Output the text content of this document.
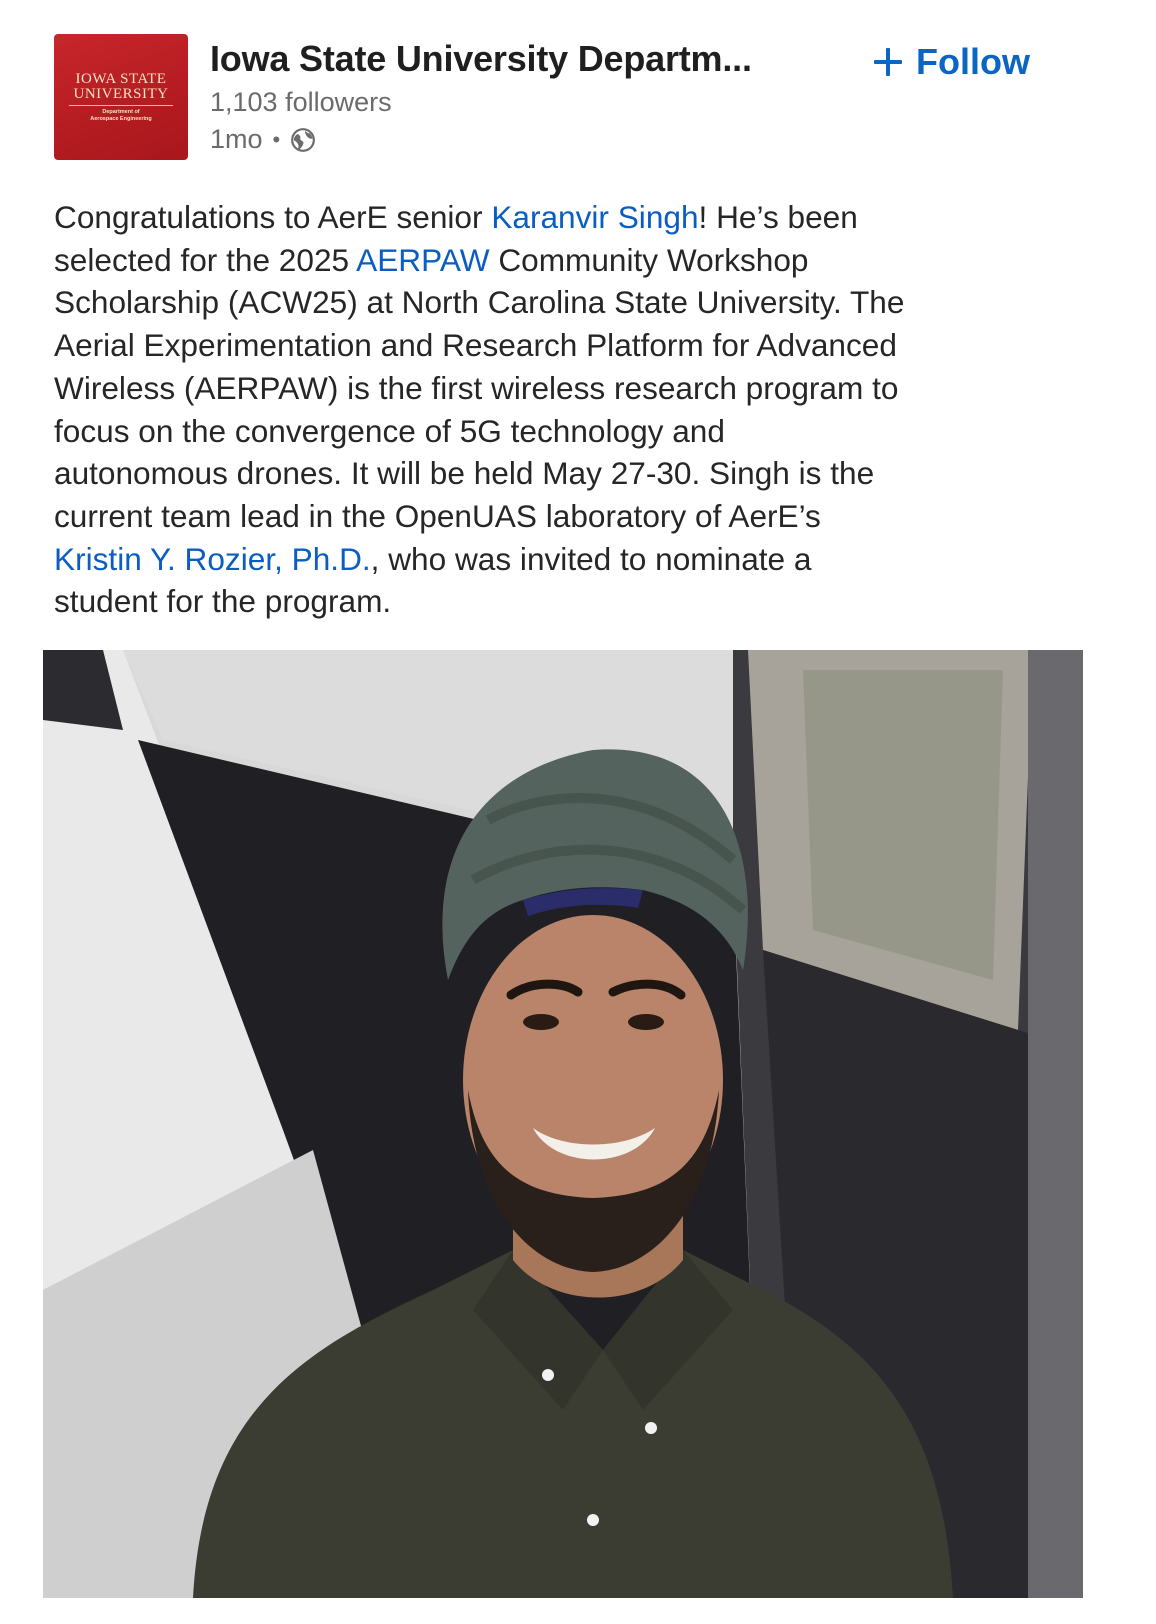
IOWA STATE
UNIVERSITY
Department of
Aerospace Engineering
Iowa State University Departm...	Follow
1,103 followers
1mo •

Congratulations to AerE senior Karanvir Singh! He’s been
selected for the 2025 AERPAW Community Workshop
Scholarship (ACW25) at North Carolina State University. The
Aerial Experimentation and Research Platform for Advanced
Wireless (AERPAW) is the first wireless research program to
focus on the convergence of 5G technology and
autonomous drones. It will be held May 27-30. Singh is the
current team lead in the OpenUAS laboratory of AerE’s
Kristin Y. Rozier, Ph.D., who was invited to nominate a
student for the program.
